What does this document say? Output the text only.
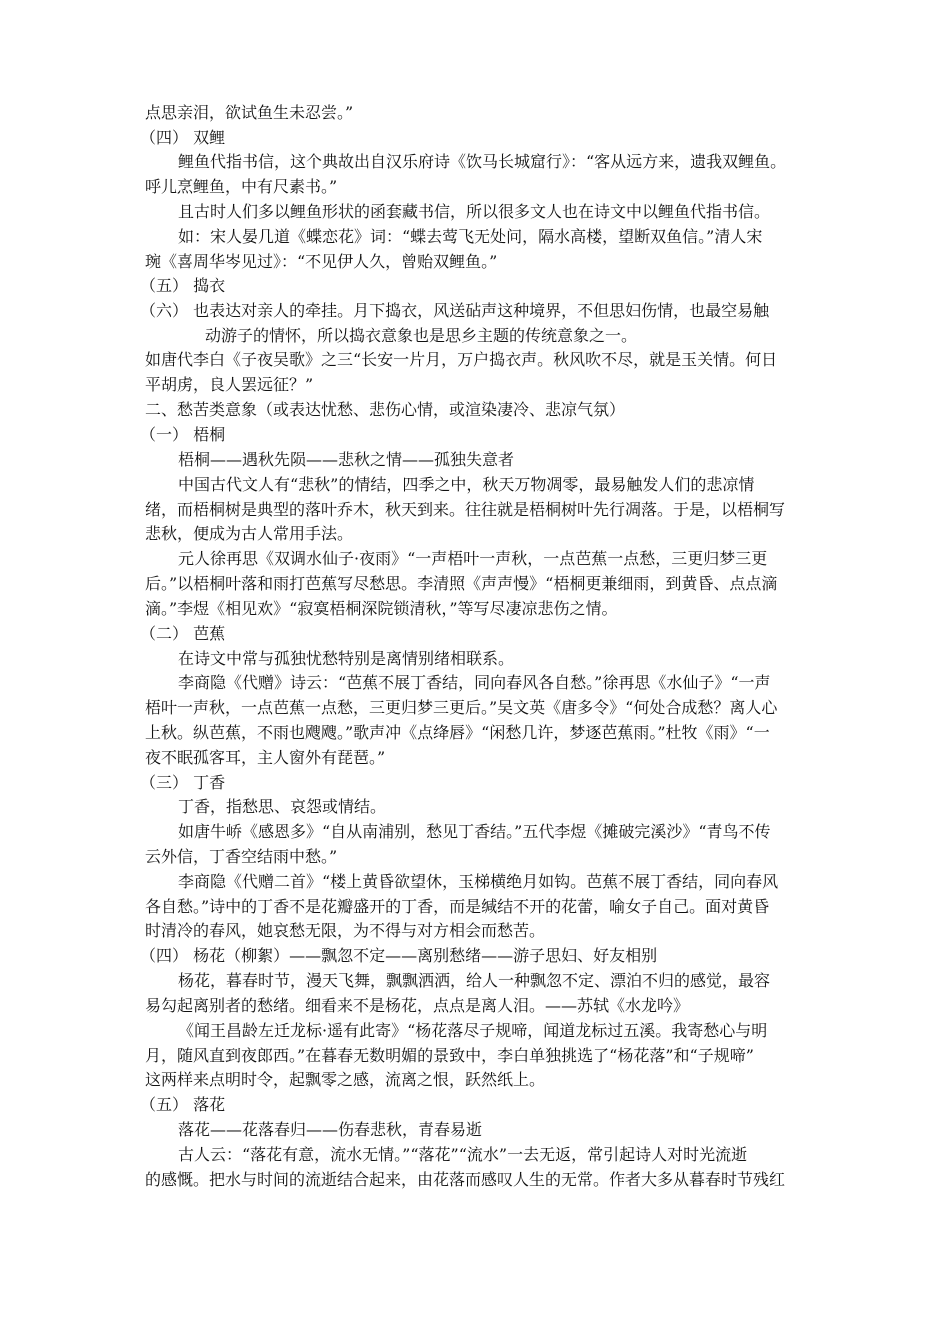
点思亲泪，欲试鱼生未忍尝。”
（四） 双鲤
鲤鱼代指书信，这个典故出自汉乐府诗《饮马长城窟行》：“客从远方来，遗我双鲤鱼。
呼儿烹鲤鱼，中有尺素书。”
且古时人们多以鲤鱼形状的函套藏书信，所以很多文人也在诗文中以鲤鱼代指书信。
如：宋人晏几道《蝶恋花》词：“蝶去莺飞无处问，隔水高楼，望断双鱼信。”清人宋
琬《喜周华岑见过》：“不见伊人久，曾贻双鲤鱼。”
（五） 捣衣
（六） 也表达对亲人的牵挂。月下捣衣，风送砧声这种境界，不但思妇伤情，也最空易触
动游子的情怀，所以捣衣意象也是思乡主题的传统意象之一。
如唐代李白《子夜吴歌》之三“长安一片月，万户捣衣声。秋风吹不尽，就是玉关情。何日
平胡虏，良人罢远征？”
二、愁苦类意象（或表达忧愁、悲伤心情，或渲染凄冷、悲凉气氛）
（一） 梧桐
梧桐——遇秋先陨——悲秋之情——孤独失意者
中国古代文人有“悲秋”的情结，四季之中，秋天万物凋零，最易触发人们的悲凉情
绪，而梧桐树是典型的落叶乔木，秋天到来。往往就是梧桐树叶先行凋落。于是，以梧桐写
悲秋，便成为古人常用手法。
元人徐再思《双调水仙子·夜雨》“一声梧叶一声秋，一点芭蕉一点愁，三更归梦三更
后。”以梧桐叶落和雨打芭蕉写尽愁思。李清照《声声慢》“梧桐更兼细雨，到黄昏、点点滴
滴。”李煜《相见欢》“寂寞梧桐深院锁清秋，”等写尽凄凉悲伤之情。
（二） 芭蕉
在诗文中常与孤独忧愁特别是离情别绪相联系。
李商隐《代赠》诗云：“芭蕉不展丁香结，同向春风各自愁。”徐再思《水仙子》“一声
梧叶一声秋，一点芭蕉一点愁，三更归梦三更后。”吴文英《唐多令》“何处合成愁？离人心
上秋。纵芭蕉，不雨也飕飕。”歌声冲《点绛唇》“闲愁几许，梦逐芭蕉雨。”杜牧《雨》“一
夜不眠孤客耳，主人窗外有琵琶。”
（三） 丁香
丁香，指愁思、哀怨或情结。
如唐牛峤《感恩多》“自从南浦别，愁见丁香结。”五代李煜《摊破完溪沙》“青鸟不传
云外信，丁香空结雨中愁。”
李商隐《代赠二首》“楼上黄昏欲望休，玉梯横绝月如钩。芭蕉不展丁香结，同向春风
各自愁。”诗中的丁香不是花瓣盛开的丁香，而是缄结不开的花蕾，喻女子自己。面对黄昏
时清冷的春风，她哀愁无限，为不得与对方相会而愁苦。
（四） 杨花（柳絮）——飘忽不定——离别愁绪——游子思妇、好友相别
杨花，暮春时节，漫天飞舞，飘飘洒洒，给人一种飘忽不定、漂泊不归的感觉，最容
易勾起离别者的愁绪。细看来不是杨花，点点是离人泪。——苏轼《水龙吟》
《闻王昌龄左迁龙标·遥有此寄》“杨花落尽子规啼，闻道龙标过五溪。我寄愁心与明
月，随风直到夜郎西。”在暮春无数明媚的景致中，李白单独挑选了“杨花落”和“子规啼”
这两样来点明时令，起飘零之感，流离之恨，跃然纸上。
（五） 落花
落花——花落春归——伤春悲秋，青春易逝
古人云：“落花有意，流水无情。”“落花”“流水”一去无返，常引起诗人对时光流逝
的感慨。把水与时间的流逝结合起来，由花落而感叹人生的无常。作者大多从暮春时节残红
